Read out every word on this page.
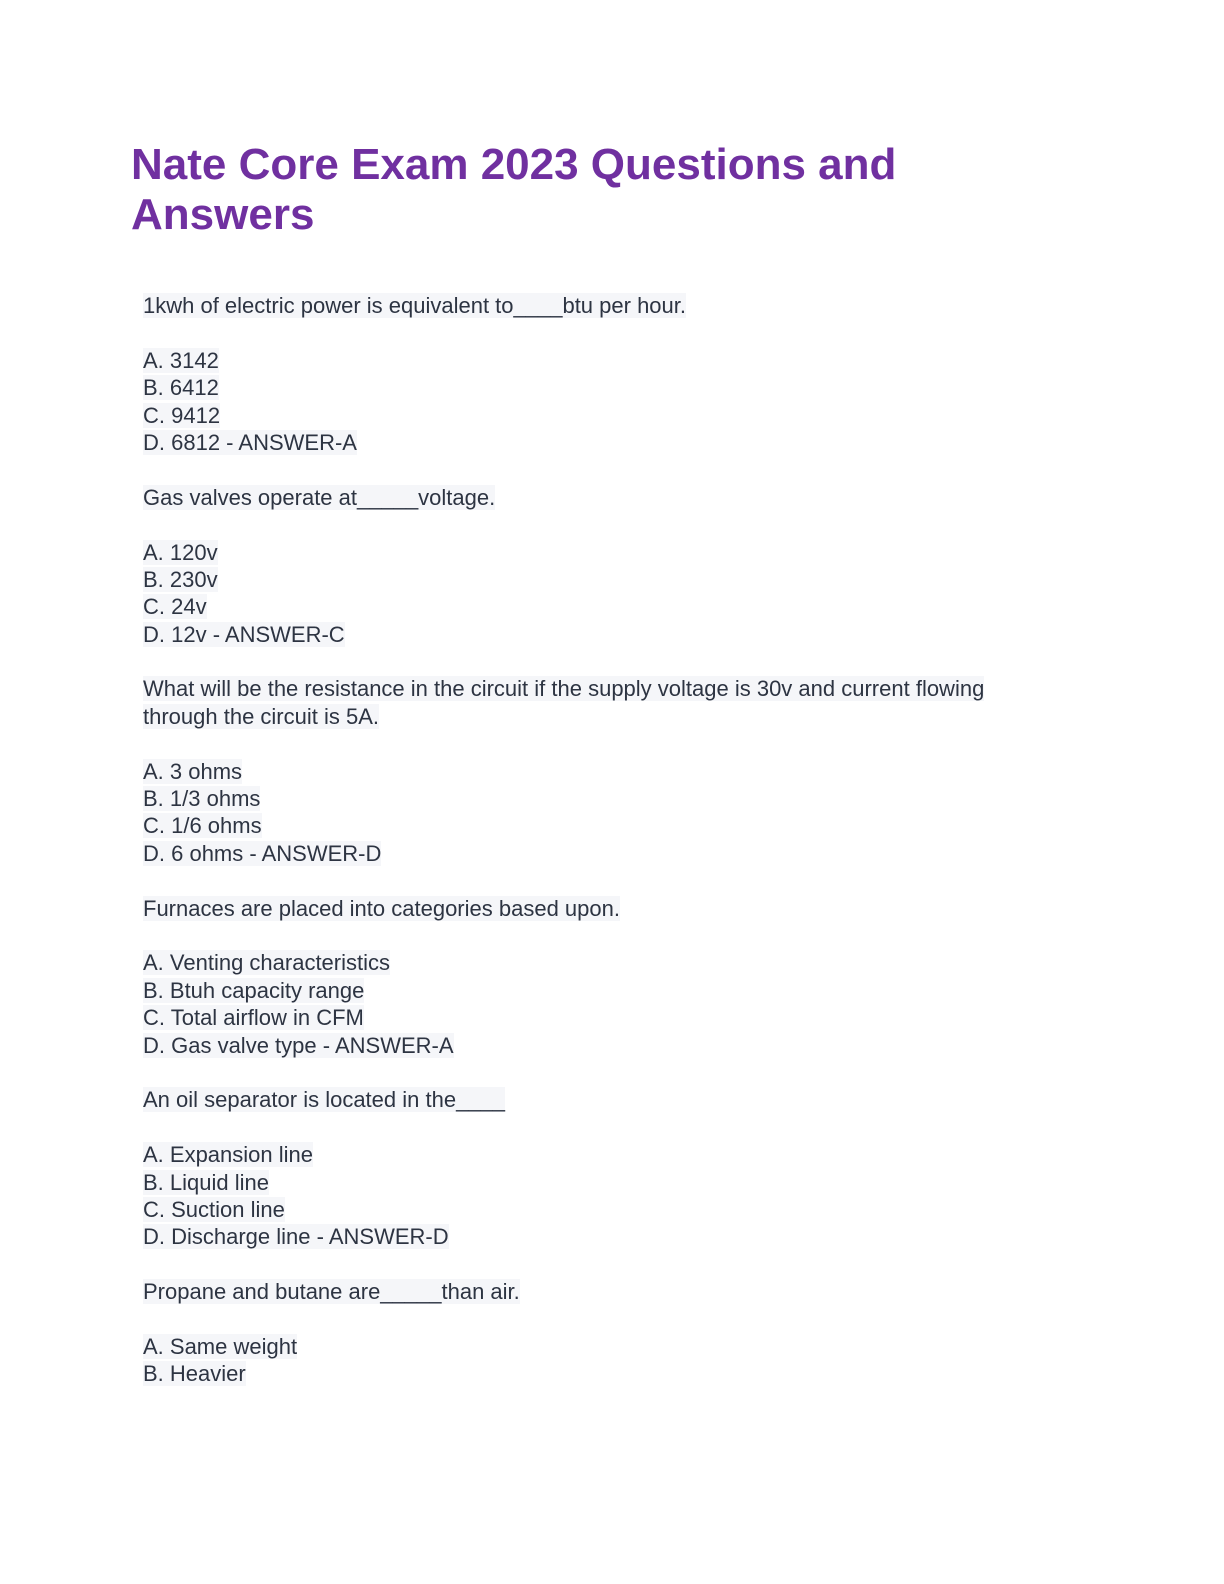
Nate Core Exam 2023 Questions and Answers
1kwh of electric power is equivalent to____btu per hour.
A. 3142
B. 6412
C. 9412
D. 6812 - ANSWER-A
Gas valves operate at_____voltage.
A. 120v
B. 230v
C. 24v
D. 12v - ANSWER-C
What will be the resistance in the circuit if the supply voltage is 30v and current flowing
through the circuit is 5A.
A. 3 ohms
B. 1/3 ohms
C. 1/6 ohms
D. 6 ohms - ANSWER-D
Furnaces are placed into categories based upon.
A. Venting characteristics
B. Btuh capacity range
C. Total airflow in CFM
D. Gas valve type - ANSWER-A
An oil separator is located in the____
A. Expansion line
B. Liquid line
C. Suction line
D. Discharge line - ANSWER-D
Propane and butane are_____than air.
A. Same weight
B. Heavier
